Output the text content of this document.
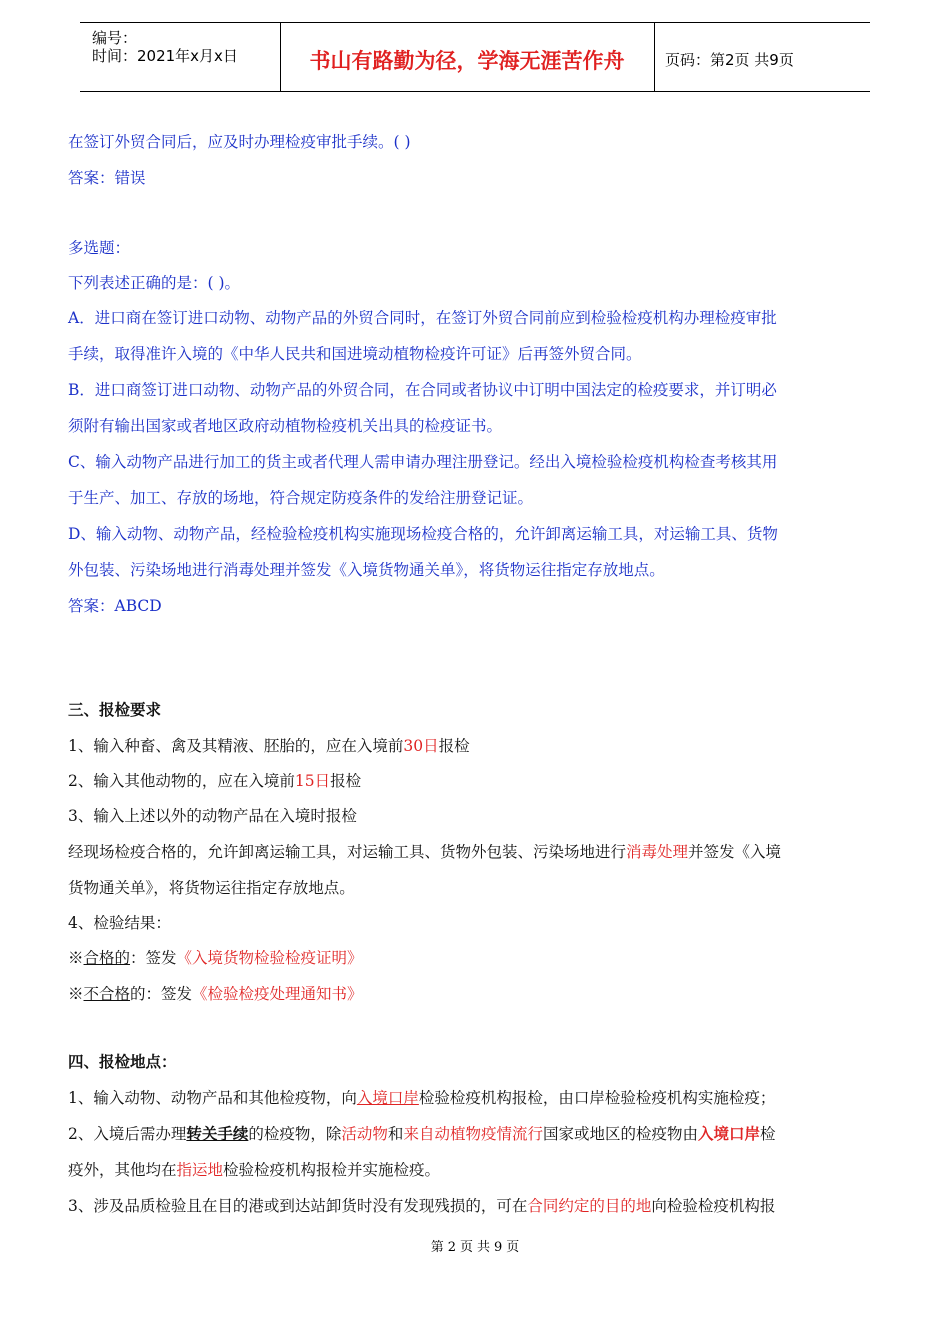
编号：
时间：2021年x月x日	书山有路勤为径，学海无涯苦作舟	页码：第2页 共9页
在签订外贸合同后，应及时办理检疫审批手续。( )
答案：错误
多选题：
下列表述正确的是：( )。
A．进口商在签订进口动物、动物产品的外贸合同时，在签订外贸合同前应到检验检疫机构办理检疫审批
手续，取得准许入境的《中华人民共和国进境动植物检疫许可证》后再签外贸合同。
B．进口商签订进口动物、动物产品的外贸合同，在合同或者协议中订明中国法定的检疫要求，并订明必
须附有输出国家或者地区政府动植物检疫机关出具的检疫证书。
C、输入动物产品进行加工的货主或者代理人需申请办理注册登记。经出入境检验检疫机构检查考核其用
于生产、加工、存放的场地，符合规定防疫条件的发给注册登记证。
D、输入动物、动物产品，经检验检疫机构实施现场检疫合格的，允许卸离运输工具，对运输工具、货物
外包装、污染场地进行消毒处理并签发《入境货物通关单》，将货物运往指定存放地点。
答案：ABCD
三、报检要求
1、输入种畜、禽及其精液、胚胎的，应在入境前30日报检
2、输入其他动物的，应在入境前15日报检
3、输入上述以外的动物产品在入境时报检
经现场检疫合格的，允许卸离运输工具，对运输工具、货物外包装、污染场地进行消毒处理并签发《入境
货物通关单》，将货物运往指定存放地点。
4、检验结果：
※合格的：签发《入境货物检验检疫证明》
※不合格的：签发《检验检疫处理通知书》
四、报检地点：
1、输入动物、动物产品和其他检疫物，向入境口岸检验检疫机构报检，由口岸检验检疫机构实施检疫；
2、入境后需办理转关手续的检疫物，除活动物和来自动植物疫情流行国家或地区的检疫物由入境口岸检
疫外，其他均在指运地检验检疫机构报检并实施检疫。
3、涉及品质检验且在目的港或到达站卸货时没有发现残损的，可在合同约定的目的地向检验检疫机构报
第 2 页 共 9 页
